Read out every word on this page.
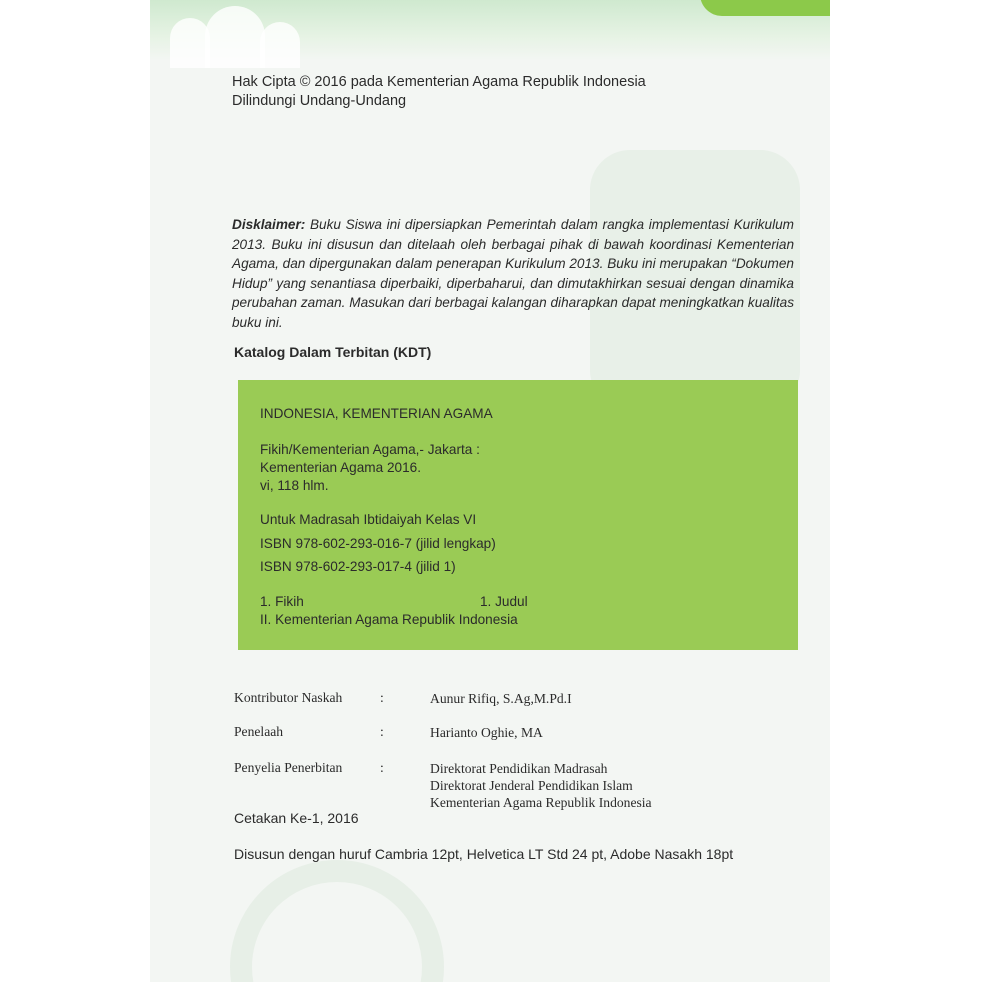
Hak Cipta © 2016 pada Kementerian Agama Republik Indonesia
Dilindungi Undang-Undang
Disklaimer: Buku Siswa ini dipersiapkan Pemerintah dalam rangka implementasi Kurikulum 2013. Buku ini disusun dan ditelaah oleh berbagai pihak di bawah koordinasi Kementerian Agama, dan dipergunakan dalam penerapan Kurikulum 2013. Buku ini merupakan “Dokumen Hidup” yang senantiasa diperbaiki, diperbaharui, dan dimutakhirkan sesuai dengan dinamika perubahan zaman. Masukan dari berbagai kalangan diharapkan dapat meningkatkan kualitas buku ini.
Katalog Dalam Terbitan (KDT)
INDONESIA, KEMENTERIAN AGAMA
Fikih/Kementerian Agama,- Jakarta :
Kementerian Agama 2016.
vi, 118 hlm.
Untuk Madrasah Ibtidaiyah Kelas VI
ISBN 978-602-293-016-7 (jilid lengkap)
ISBN 978-602-293-017-4 (jilid 1)
1. Fikih	1. Judul
II. Kementerian Agama Republik Indonesia
Kontributor Naskah	:	Aunur Rifiq, S.Ag,M.Pd.I
Penelaah	:	Harianto Oghie, MA
Penyelia Penerbitan	:	Direktorat Pendidikan Madrasah
Direktorat Jenderal Pendidikan Islam
Kementerian Agama Republik Indonesia
Cetakan Ke-1, 2016
Disusun dengan huruf Cambria 12pt, Helvetica LT Std 24 pt, Adobe Nasakh 18pt
